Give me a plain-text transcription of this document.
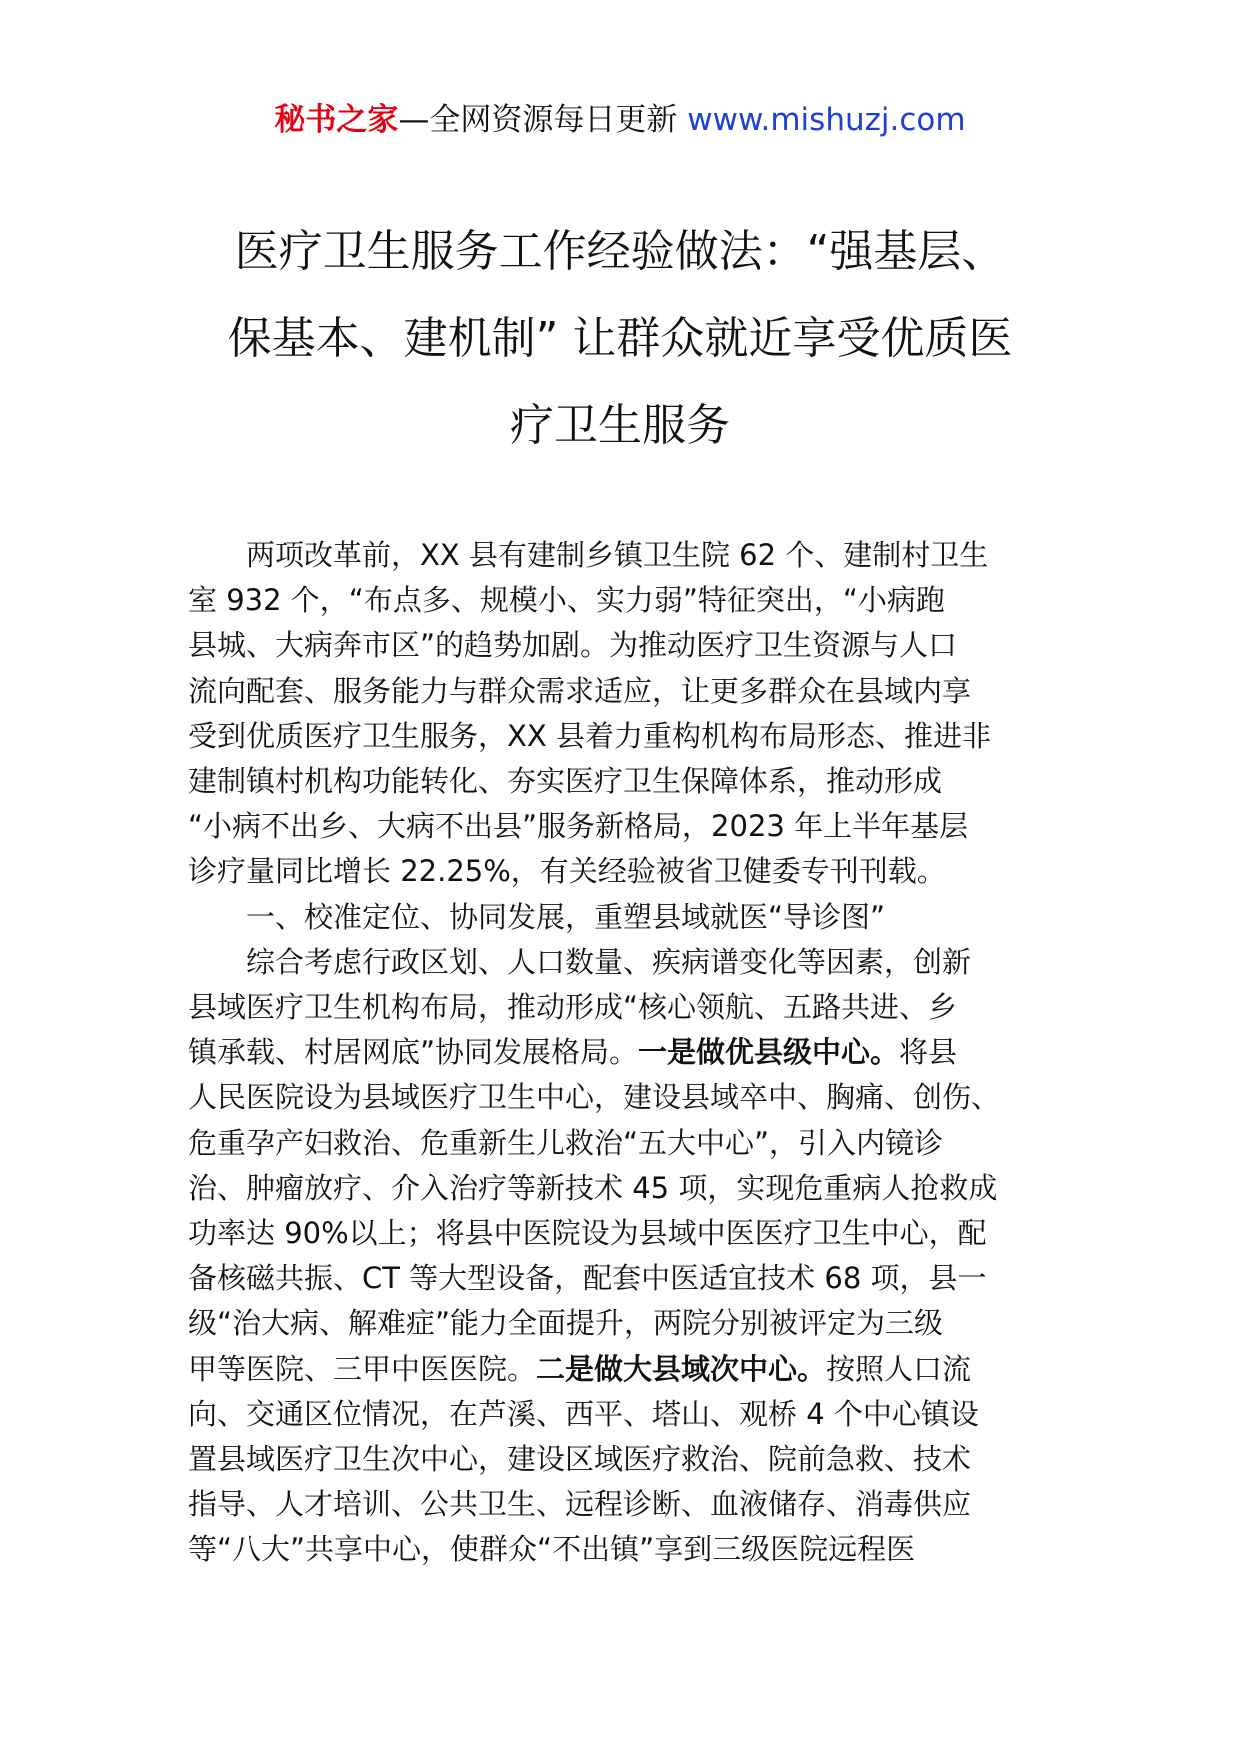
秘书之家—全网资源每日更新 www.mishuzj.com
医疗卫生服务工作经验做法：“强基层、
保基本、建机制” 让群众就近享受优质医
疗卫生服务
两项改革前，XX 县有建制乡镇卫生院 62 个、建制村卫生
室 932 个，“布点多、规模小、实力弱”特征突出，“小病跑
县城、大病奔市区”的趋势加剧。为推动医疗卫生资源与人口
流向配套、服务能力与群众需求适应，让更多群众在县域内享
受到优质医疗卫生服务，XX 县着力重构机构布局形态、推进非
建制镇村机构功能转化、夯实医疗卫生保障体系，推动形成
“小病不出乡、大病不出县”服务新格局，2023 年上半年基层
诊疗量同比增长 22.25%，有关经验被省卫健委专刊刊载。
一、校准定位、协同发展，重塑县域就医“导诊图”
综合考虑行政区划、人口数量、疾病谱变化等因素，创新
县域医疗卫生机构布局，推动形成“核心领航、五路共进、乡
镇承载、村居网底”协同发展格局。一是做优县级中心。将县
人民医院设为县域医疗卫生中心，建设县域卒中、胸痛、创伤、
危重孕产妇救治、危重新生儿救治“五大中心”，引入内镜诊
治、肿瘤放疗、介入治疗等新技术 45 项，实现危重病人抢救成
功率达 90%以上；将县中医院设为县域中医医疗卫生中心，配
备核磁共振、CT 等大型设备，配套中医适宜技术 68 项，县一
级“治大病、解难症”能力全面提升，两院分别被评定为三级
甲等医院、三甲中医医院。二是做大县域次中心。按照人口流
向、交通区位情况，在芦溪、西平、塔山、观桥 4 个中心镇设
置县域医疗卫生次中心，建设区域医疗救治、院前急救、技术
指导、人才培训、公共卫生、远程诊断、血液储存、消毒供应
等“八大”共享中心，使群众“不出镇”享到三级医院远程医
